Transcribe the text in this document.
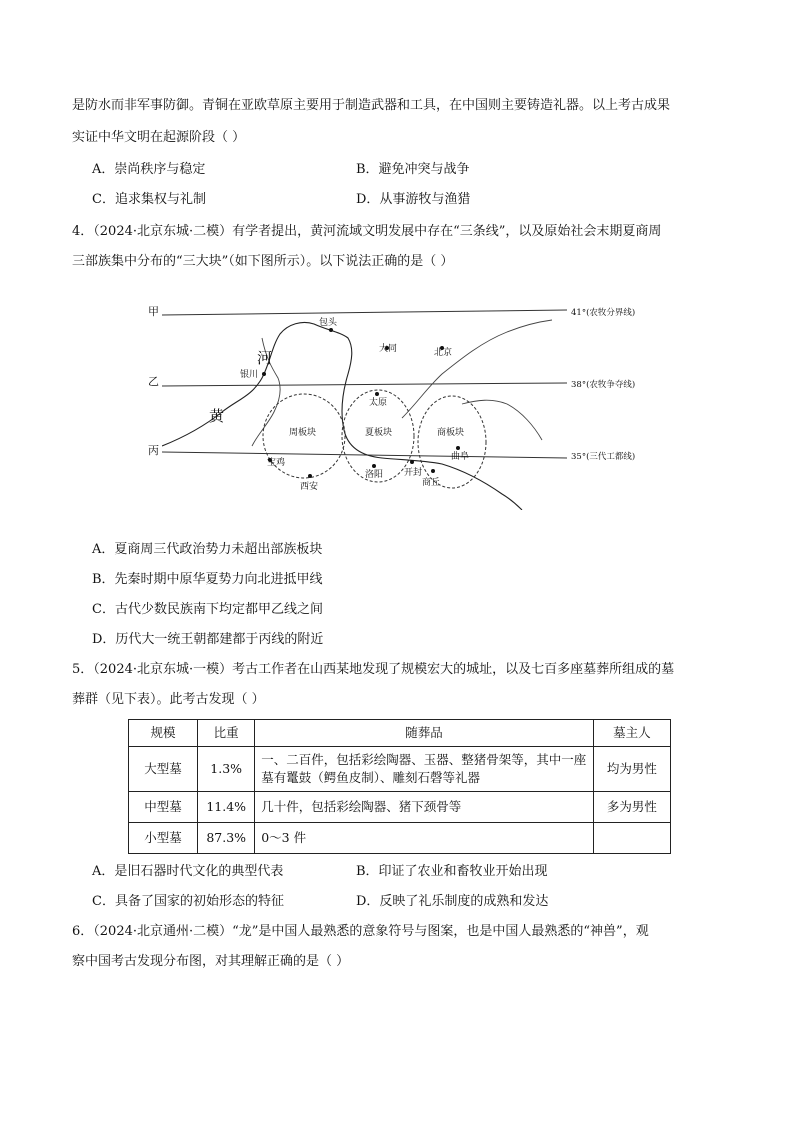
是防水而非军事防御。青铜在亚欧草原主要用于制造武器和工具，在中国则主要铸造礼器。以上考古成果
实证中华文明在起源阶段（ ）
A．崇尚秩序与稳定	B．避免冲突与战争
C．追求集权与礼制	D．从事游牧与渔猎
4．（2024·北京东城·二模）有学者提出，黄河流域文明发展中存在“三条线”，以及原始社会末期夏商周
三部族集中分布的“三大块”（如下图所示）。以下说法正确的是（ ）
甲
乙
丙
河
黄
包头
大同	北京
银川
太原
曲阜
宝鸡
西安
洛阳 开封
商丘
周板块	夏板块	商板块
41°(农牧分界线)
38°(农牧争夺线)
35°(三代工都线)
A．夏商周三代政治势力未超出部族板块
B．先秦时期中原华夏势力向北进抵甲线
C．古代少数民族南下均定都甲乙线之间
D．历代大一统王朝都建都于丙线的附近
5．（2024·北京东城·一模）考古工作者在山西某地发现了规模宏大的城址，以及七百多座墓葬所组成的墓
葬群（见下表）。此考古发现（ ）
规模	比重	随葬品	墓主人
大型墓	1.3%	一、二百件，包括彩绘陶器、玉器、整猪骨架等，其中一座墓有鼍鼓（鳄鱼皮制）、雕刻石磬等礼器	均为男性
中型墓	11.4%	几十件，包括彩绘陶器、猪下颈骨等	多为男性
小型墓	87.3%	0～3 件	
A．是旧石器时代文化的典型代表	B．印证了农业和畜牧业开始出现
C．具备了国家的初始形态的特征	D．反映了礼乐制度的成熟和发达
6．（2024·北京通州·二模）“龙”是中国人最熟悉的意象符号与图案，也是中国人最熟悉的“神兽”，观
察中国考古发现分布图，对其理解正确的是（ ）
